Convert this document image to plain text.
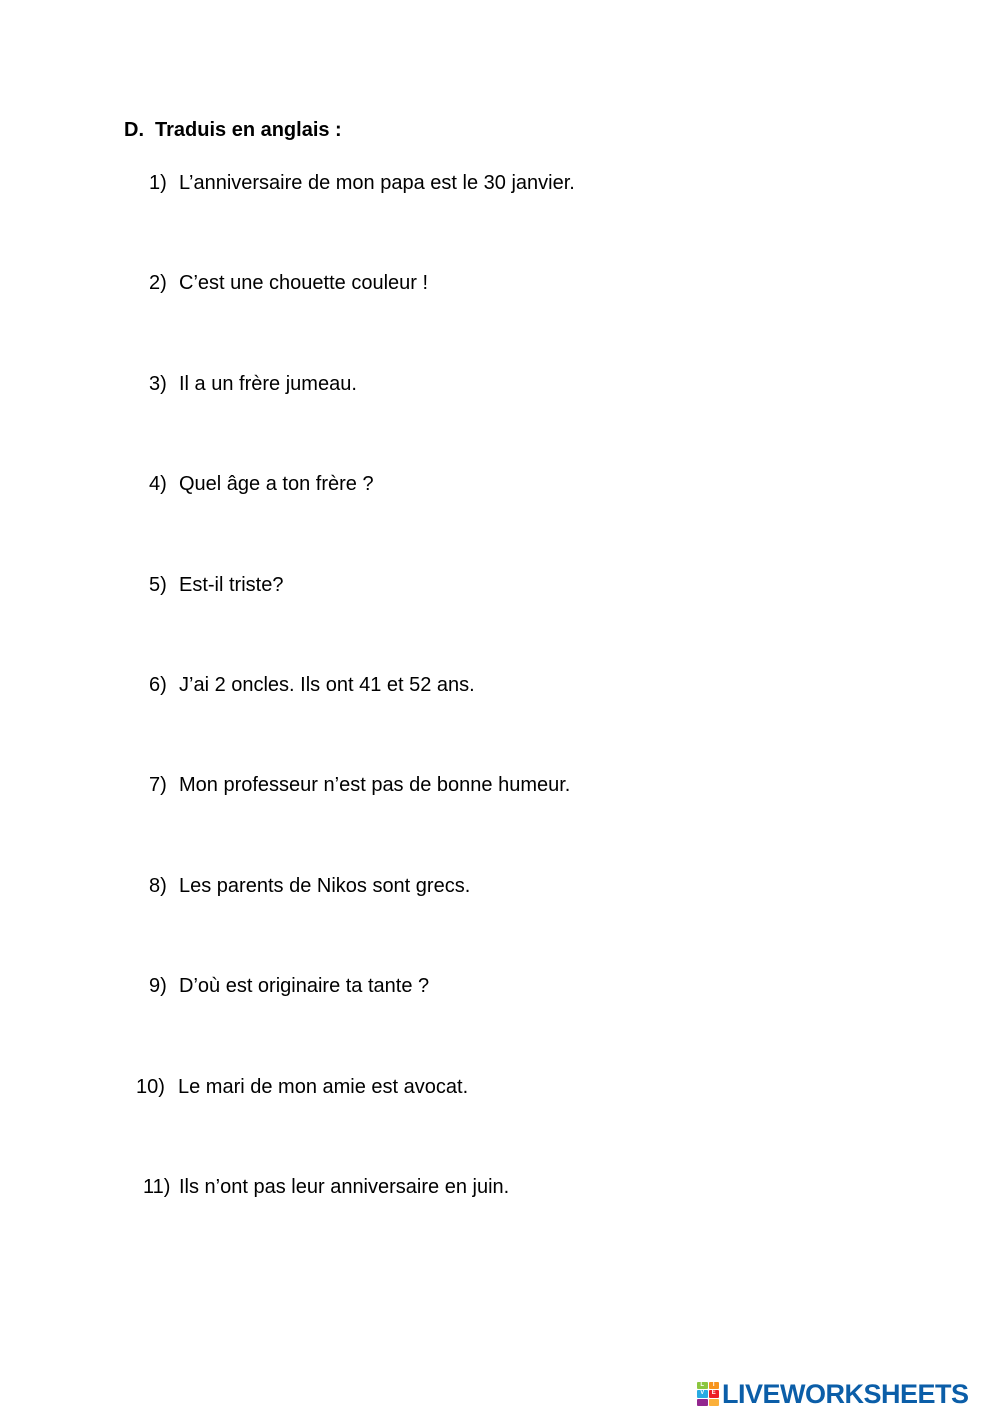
D. Traduis en anglais :
1) L’anniversaire de mon papa est le 30 janvier.
2) C’est une chouette couleur !
3) Il a un frère jumeau.
4) Quel âge a ton frère ?
5) Est-il triste?
6) J’ai 2 oncles. Ils ont 41 et 52 ans.
7) Mon professeur n’est pas de bonne humeur.
8) Les parents de Nikos sont grecs.
9) D’où est originaire ta tante ?
10) Le mari de mon amie est avocat.
11) Ils n’ont pas leur anniversaire en juin.
L	I
V	E LIVEWORKSHEETS
